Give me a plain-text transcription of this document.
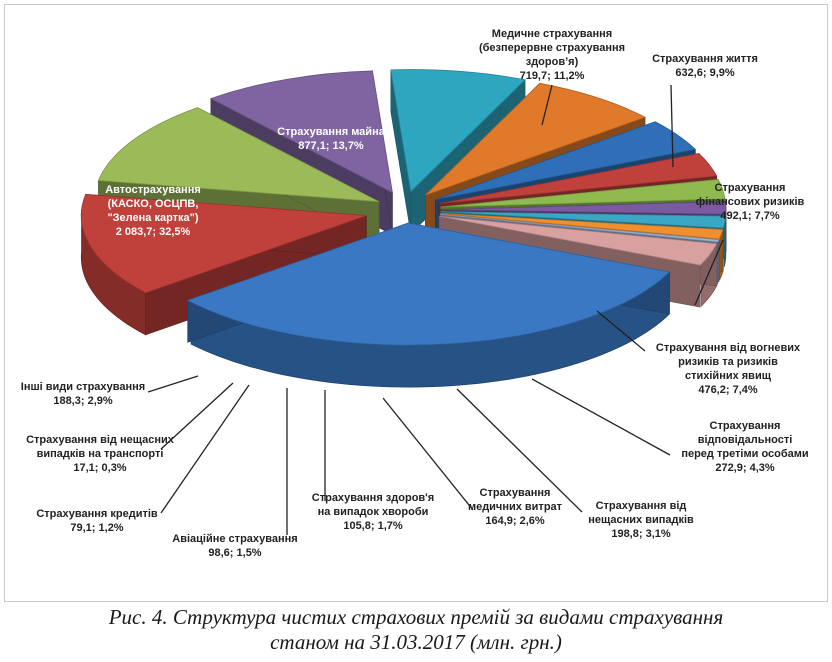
Медичне страхування (безперервне страхування здоров’я) 719,7; 11,2%
Страхування життя 632,6; 9,9%
Страхування фінансових ризиків 492,1; 7,7%
Страхування від вогневих ризиків та ризиків стихійних явищ 476,2; 7,4%
Страхування відповідальності перед третіми особами 272,9; 4,3%
Страхування від нещасних випадків 198,8; 3,1%
Страхування медичних витрат 164,9; 2,6%
Страхування здоров'я на випадок хвороби 105,8; 1,7%
Авіаційне страхування 98,6; 1,5%
Страхування кредитів 79,1; 1,2%
Страхування від нещасних випадків на транспорті 17,1; 0,3%
Інші види страхування 188,3; 2,9%
Автострахування (КАСКО, ОСЦПВ, "Зелена картка") 2 083,7; 32,5%
Страхування майна 877,1; 13,7%
Рис. 4. Структура чистих страхових премій за видами страхування
станом на 31.03.2017 (млн. грн.)
